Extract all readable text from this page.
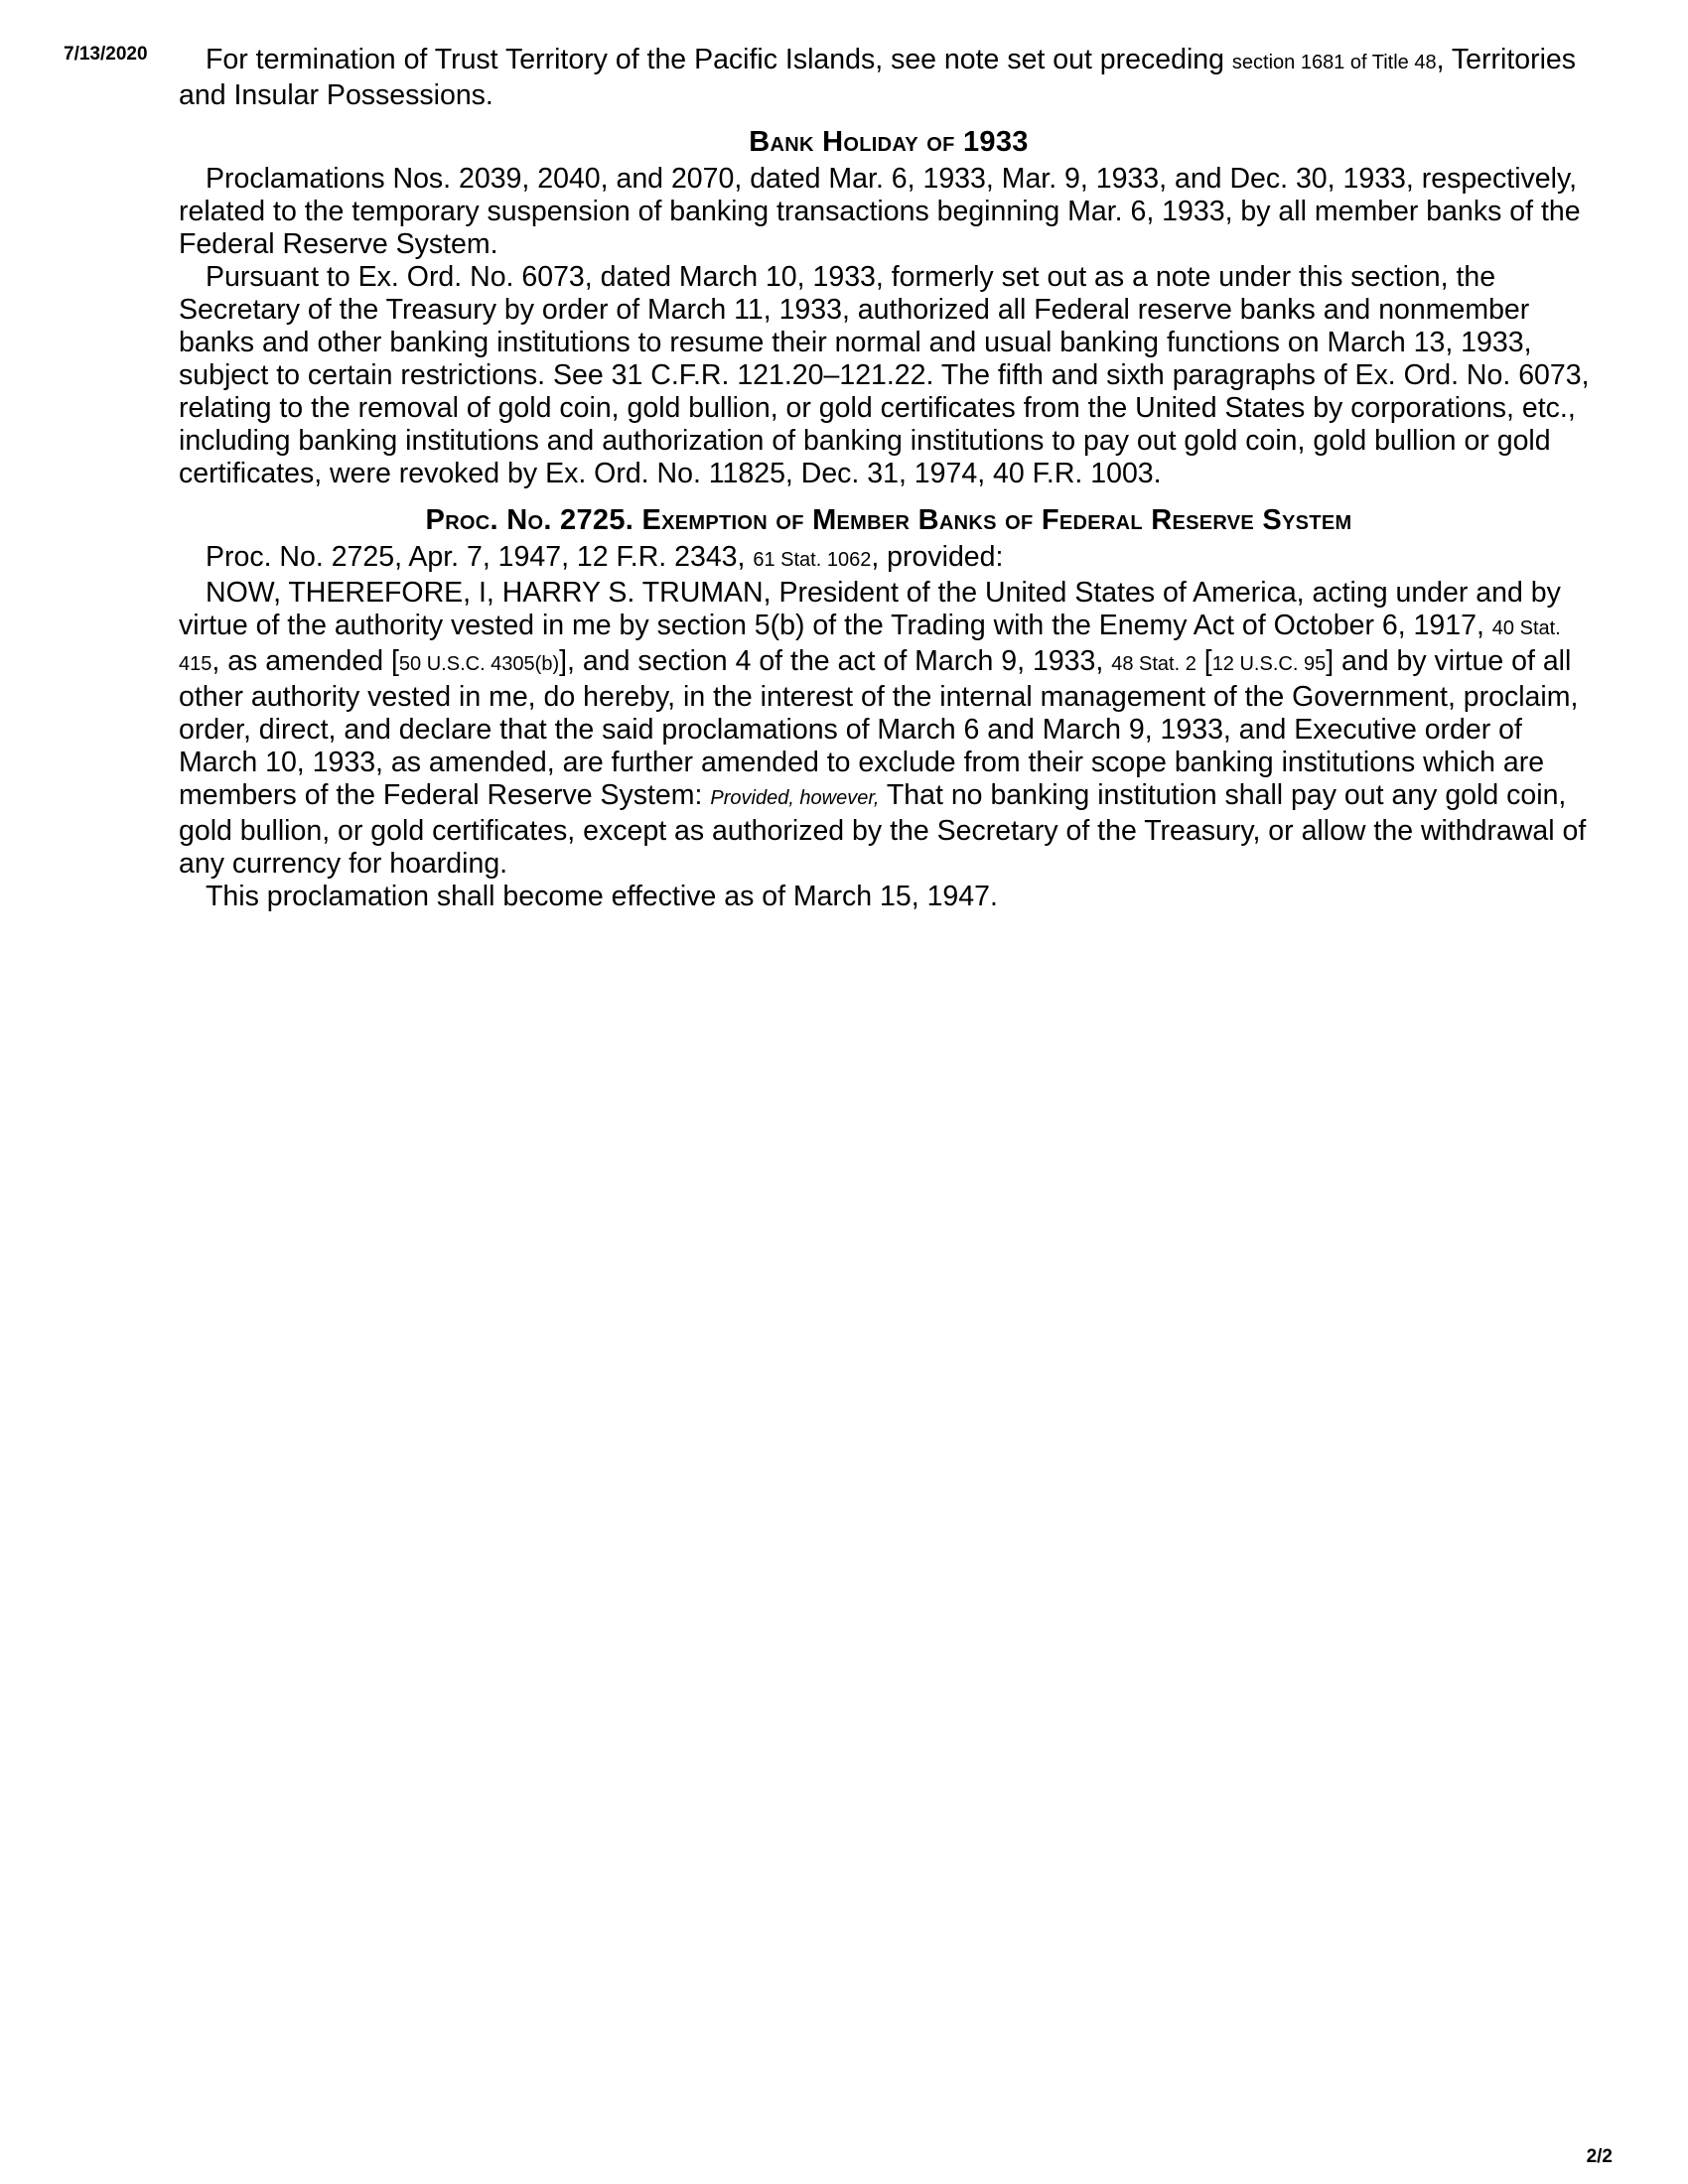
7/13/2020	For termination of Trust Territory of the Pacific Islands, see note set out preceding section 1681 of Title 48, Territories and Insular Possessions.

Bank Holiday of 1933

Proclamations Nos. 2039, 2040, and 2070, dated Mar. 6, 1933, Mar. 9, 1933, and Dec. 30, 1933, respectively, related to the temporary suspension of banking transactions beginning Mar. 6, 1933, by all member banks of the Federal Reserve System.

Pursuant to Ex. Ord. No. 6073, dated March 10, 1933, formerly set out as a note under this section, the Secretary of the Treasury by order of March 11, 1933, authorized all Federal reserve banks and nonmember banks and other banking institutions to resume their normal and usual banking functions on March 13, 1933, subject to certain restrictions. See 31 C.F.R. 121.20–121.22. The fifth and sixth paragraphs of Ex. Ord. No. 6073, relating to the removal of gold coin, gold bullion, or gold certificates from the United States by corporations, etc., including banking institutions and authorization of banking institutions to pay out gold coin, gold bullion or gold certificates, were revoked by Ex. Ord. No. 11825, Dec. 31, 1974, 40 F.R. 1003.

Proc. No. 2725. Exemption of Member Banks of Federal Reserve System

Proc. No. 2725, Apr. 7, 1947, 12 F.R. 2343, 61 Stat. 1062, provided:

NOW, THEREFORE, I, HARRY S. TRUMAN, President of the United States of America, acting under and by virtue of the authority vested in me by section 5(b) of the Trading with the Enemy Act of October 6, 1917, 40 Stat. 415, as amended [50 U.S.C. 4305(b)], and section 4 of the act of March 9, 1933, 48 Stat. 2 [12 U.S.C. 95] and by virtue of all other authority vested in me, do hereby, in the interest of the internal management of the Government, proclaim, order, direct, and declare that the said proclamations of March 6 and March 9, 1933, and Executive order of March 10, 1933, as amended, are further amended to exclude from their scope banking institutions which are members of the Federal Reserve System: Provided, however, That no banking institution shall pay out any gold coin, gold bullion, or gold certificates, except as authorized by the Secretary of the Treasury, or allow the withdrawal of any currency for hoarding.

This proclamation shall become effective as of March 15, 1947.

2/2
